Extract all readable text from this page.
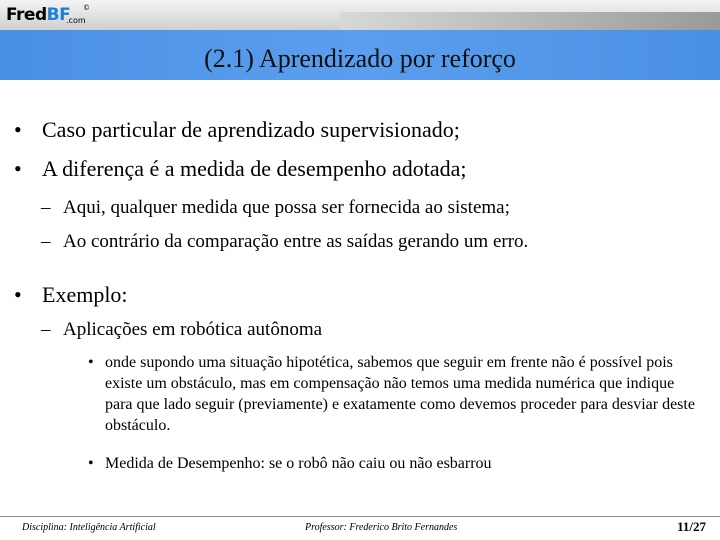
FredBF
.com
©
(2.1) Aprendizado por reforço
• Caso particular de aprendizado supervisionado;
• A diferença é a medida de desempenho adotada;
– Aqui, qualquer medida que possa ser fornecida ao sistema;
– Ao contrário da comparação entre as saídas gerando um erro.
• Exemplo:
– Aplicações em robótica autônoma
• onde supondo uma situação hipotética, sabemos que seguir em frente não é possível pois existe um obstáculo, mas em compensação não temos uma medida numérica que indique para que lado seguir (previamente) e exatamente como devemos proceder para desviar deste obstáculo.
• Medida de Desempenho: se o robô não caiu ou não esbarrou
Disciplina: Inteligência Artificial	Professor: Frederico Brito Fernandes	11/27
